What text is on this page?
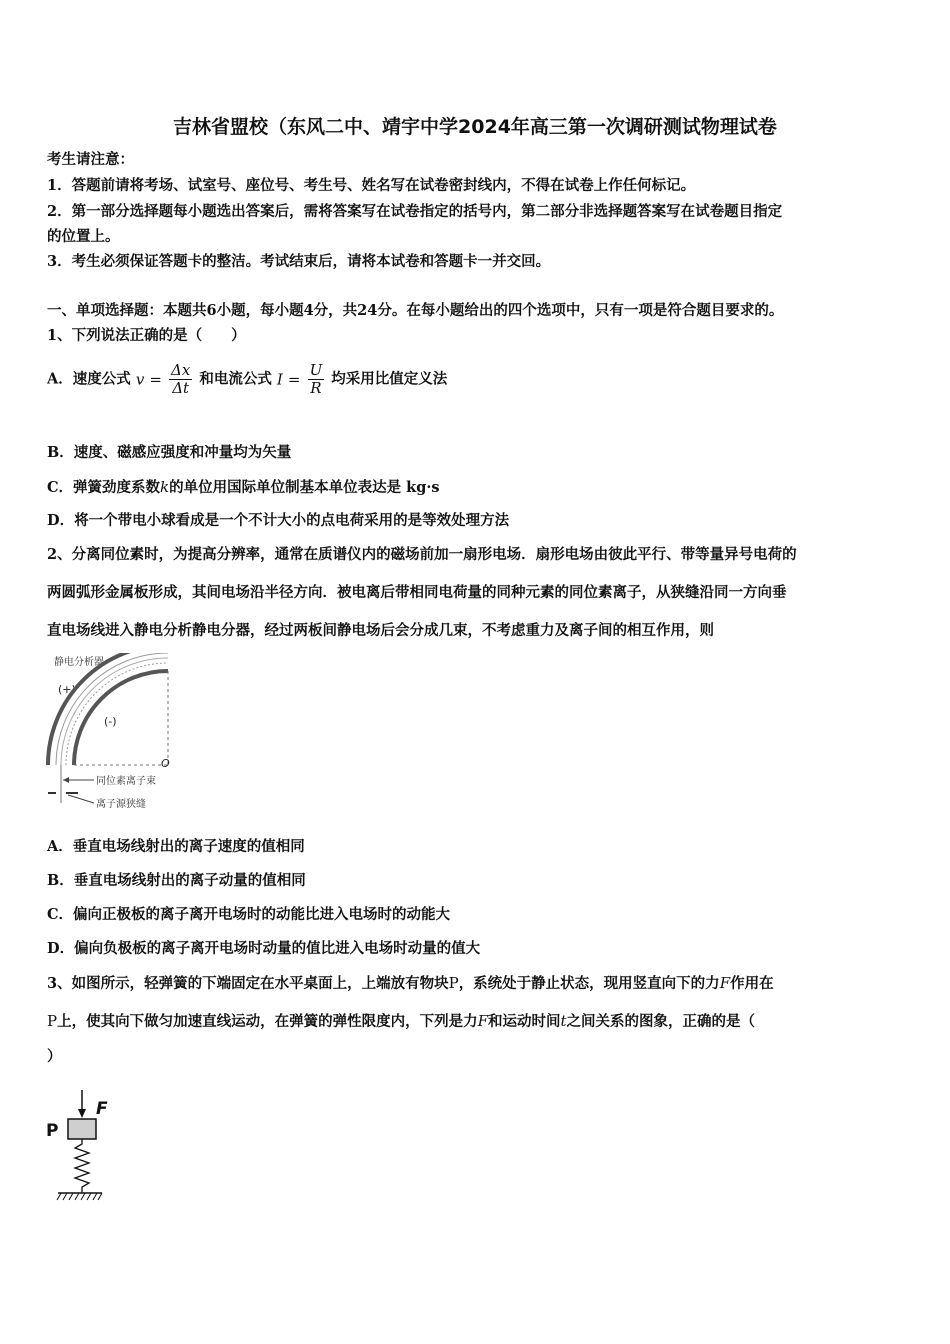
吉林省盟校（东风二中、靖宇中学2024年高三第一次调研测试物理试卷
考生请注意：
1．答题前请将考场、试室号、座位号、考生号、姓名写在试卷密封线内，不得在试卷上作任何标记。
2．第一部分选择题每小题选出答案后，需将答案写在试卷指定的括号内，第二部分非选择题答案写在试卷题目指定
的位置上。
3．考生必须保证答题卡的整洁。考试结束后，请将本试卷和答题卡一并交回。
一、单项选择题：本题共6小题，每小题4分，共24分。在每小题给出的四个选项中，只有一项是符合题目要求的。
1、下列说法正确的是（　　）
A．速度公式 $v = \frac{\Delta x}{\Delta t}$ 和电流公式 $I = \frac{U}{R}$ 均采用比值定义法
B．速度、磁感应强度和冲量均为矢量
C．弹簧劲度系数k的单位用国际单位制基本单位表达是 kg·s
D．将一个带电小球看成是一个不计大小的点电荷采用的是等效处理方法
2、分离同位素时，为提高分辨率，通常在质谱仪内的磁场前加一扇形电场．扇形电场由彼此平行、带等量异号电荷的
两圆弧形金属板形成，其间电场沿半径方向．被电离后带相同电荷量的同种元素的同位素离子，从狭缝沿同一方向垂
直电场线进入静电分析静电分器，经过两板间静电场后会分成几束，不考虑重力及离子间的相互作用，则
静电分析器
(+)
(-)
O
同位素离子束
离子源狭缝
A．垂直电场线射出的离子速度的值相同
B．垂直电场线射出的离子动量的值相同
C．偏向正极板的离子离开电场时的动能比进入电场时的动能大
D．偏向负极板的离子离开电场时动量的值比进入电场时动量的值大
3、如图所示，轻弹簧的下端固定在水平桌面上，上端放有物块P，系统处于静止状态，现用竖直向下的力F作用在
P上，使其向下做匀加速直线运动，在弹簧的弹性限度内，下列是力F和运动时间t之间关系的图象，正确的是（
）
F
P
